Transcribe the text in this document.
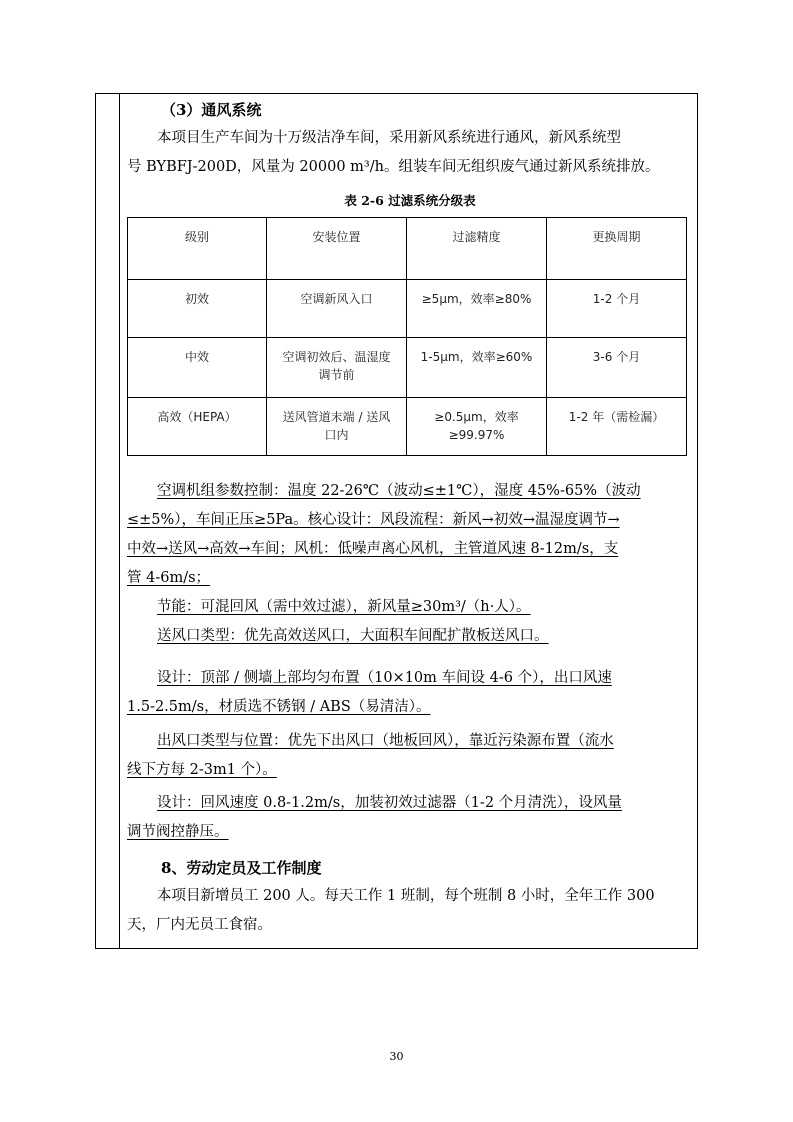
（3）通风系统
本项目生产车间为十万级洁净车间，采用新风系统进行通风，新风系统型
号 BYBFJ-200D，风量为 20000 m³/h。组装车间无组织废气通过新风系统排放。
表 2-6 过滤系统分级表
级别	安装位置	过滤精度	更换周期
初效	空调新风入口	≥5μm，效率≥80%	1-2 个月
中效	空调初效后、温湿度调节前	1-5μm，效率≥60%	3-6 个月
高效（HEPA）	送风管道末端 / 送风口内	≥0.5μm，效率≥99.97%	1-2 年（需检漏）
空调机组参数控制：温度 22-26℃（波动≤±1℃），湿度 45%-65%（波动
≤±5%），车间正压≥5Pa。核心设计：风段流程：新风→初效→温湿度调节→
中效→送风→高效→车间；风机：低噪声离心风机，主管道风速 8-12m/s，支
管 4-6m/s；
节能：可混回风（需中效过滤），新风量≥30m³/（h·人）。
送风口类型：优先高效送风口，大面积车间配扩散板送风口。
设计：顶部 / 侧墙上部均匀布置（10×10m 车间设 4-6 个），出口风速
1.5-2.5m/s，材质选不锈钢 / ABS（易清洁）。
出风口类型与位置：优先下出风口（地板回风），靠近污染源布置（流水
线下方每 2-3m1 个）。
设计：回风速度 0.8-1.2m/s，加装初效过滤器（1-2 个月清洗），设风量
调节阀控静压。
8、劳动定员及工作制度
本项目新增员工 200 人。每天工作 1 班制，每个班制 8 小时，全年工作 300
天，厂内无员工食宿。
30
